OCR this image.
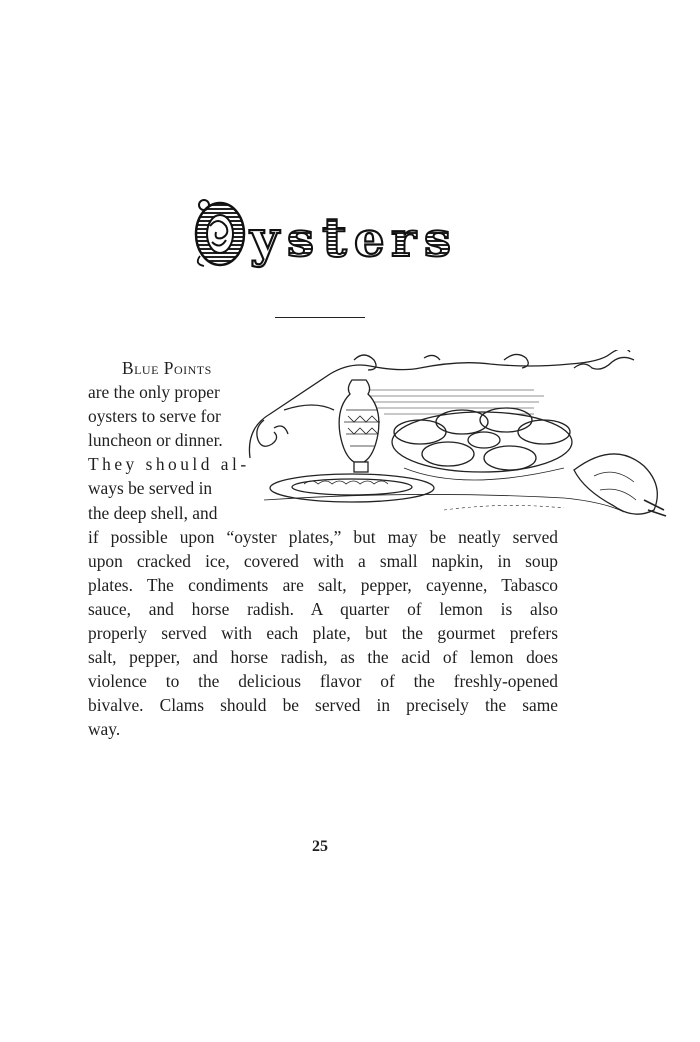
y s t e r s
Blue Points
are the only proper
oysters to serve for
luncheon or dinner.
They should al-
ways be served in
the deep shell, and
if possible upon “oyster plates,” but may be neatly served
upon cracked ice, covered with a small napkin, in soup
plates. The condiments are salt, pepper, cayenne, Tabasco
sauce, and horse radish. A quarter of lemon is also
properly served with each plate, but the gourmet prefers
salt, pepper, and horse radish, as the acid of lemon does
violence to the delicious flavor of the freshly-opened
bivalve. Clams should be served in precisely the same
way.
25
